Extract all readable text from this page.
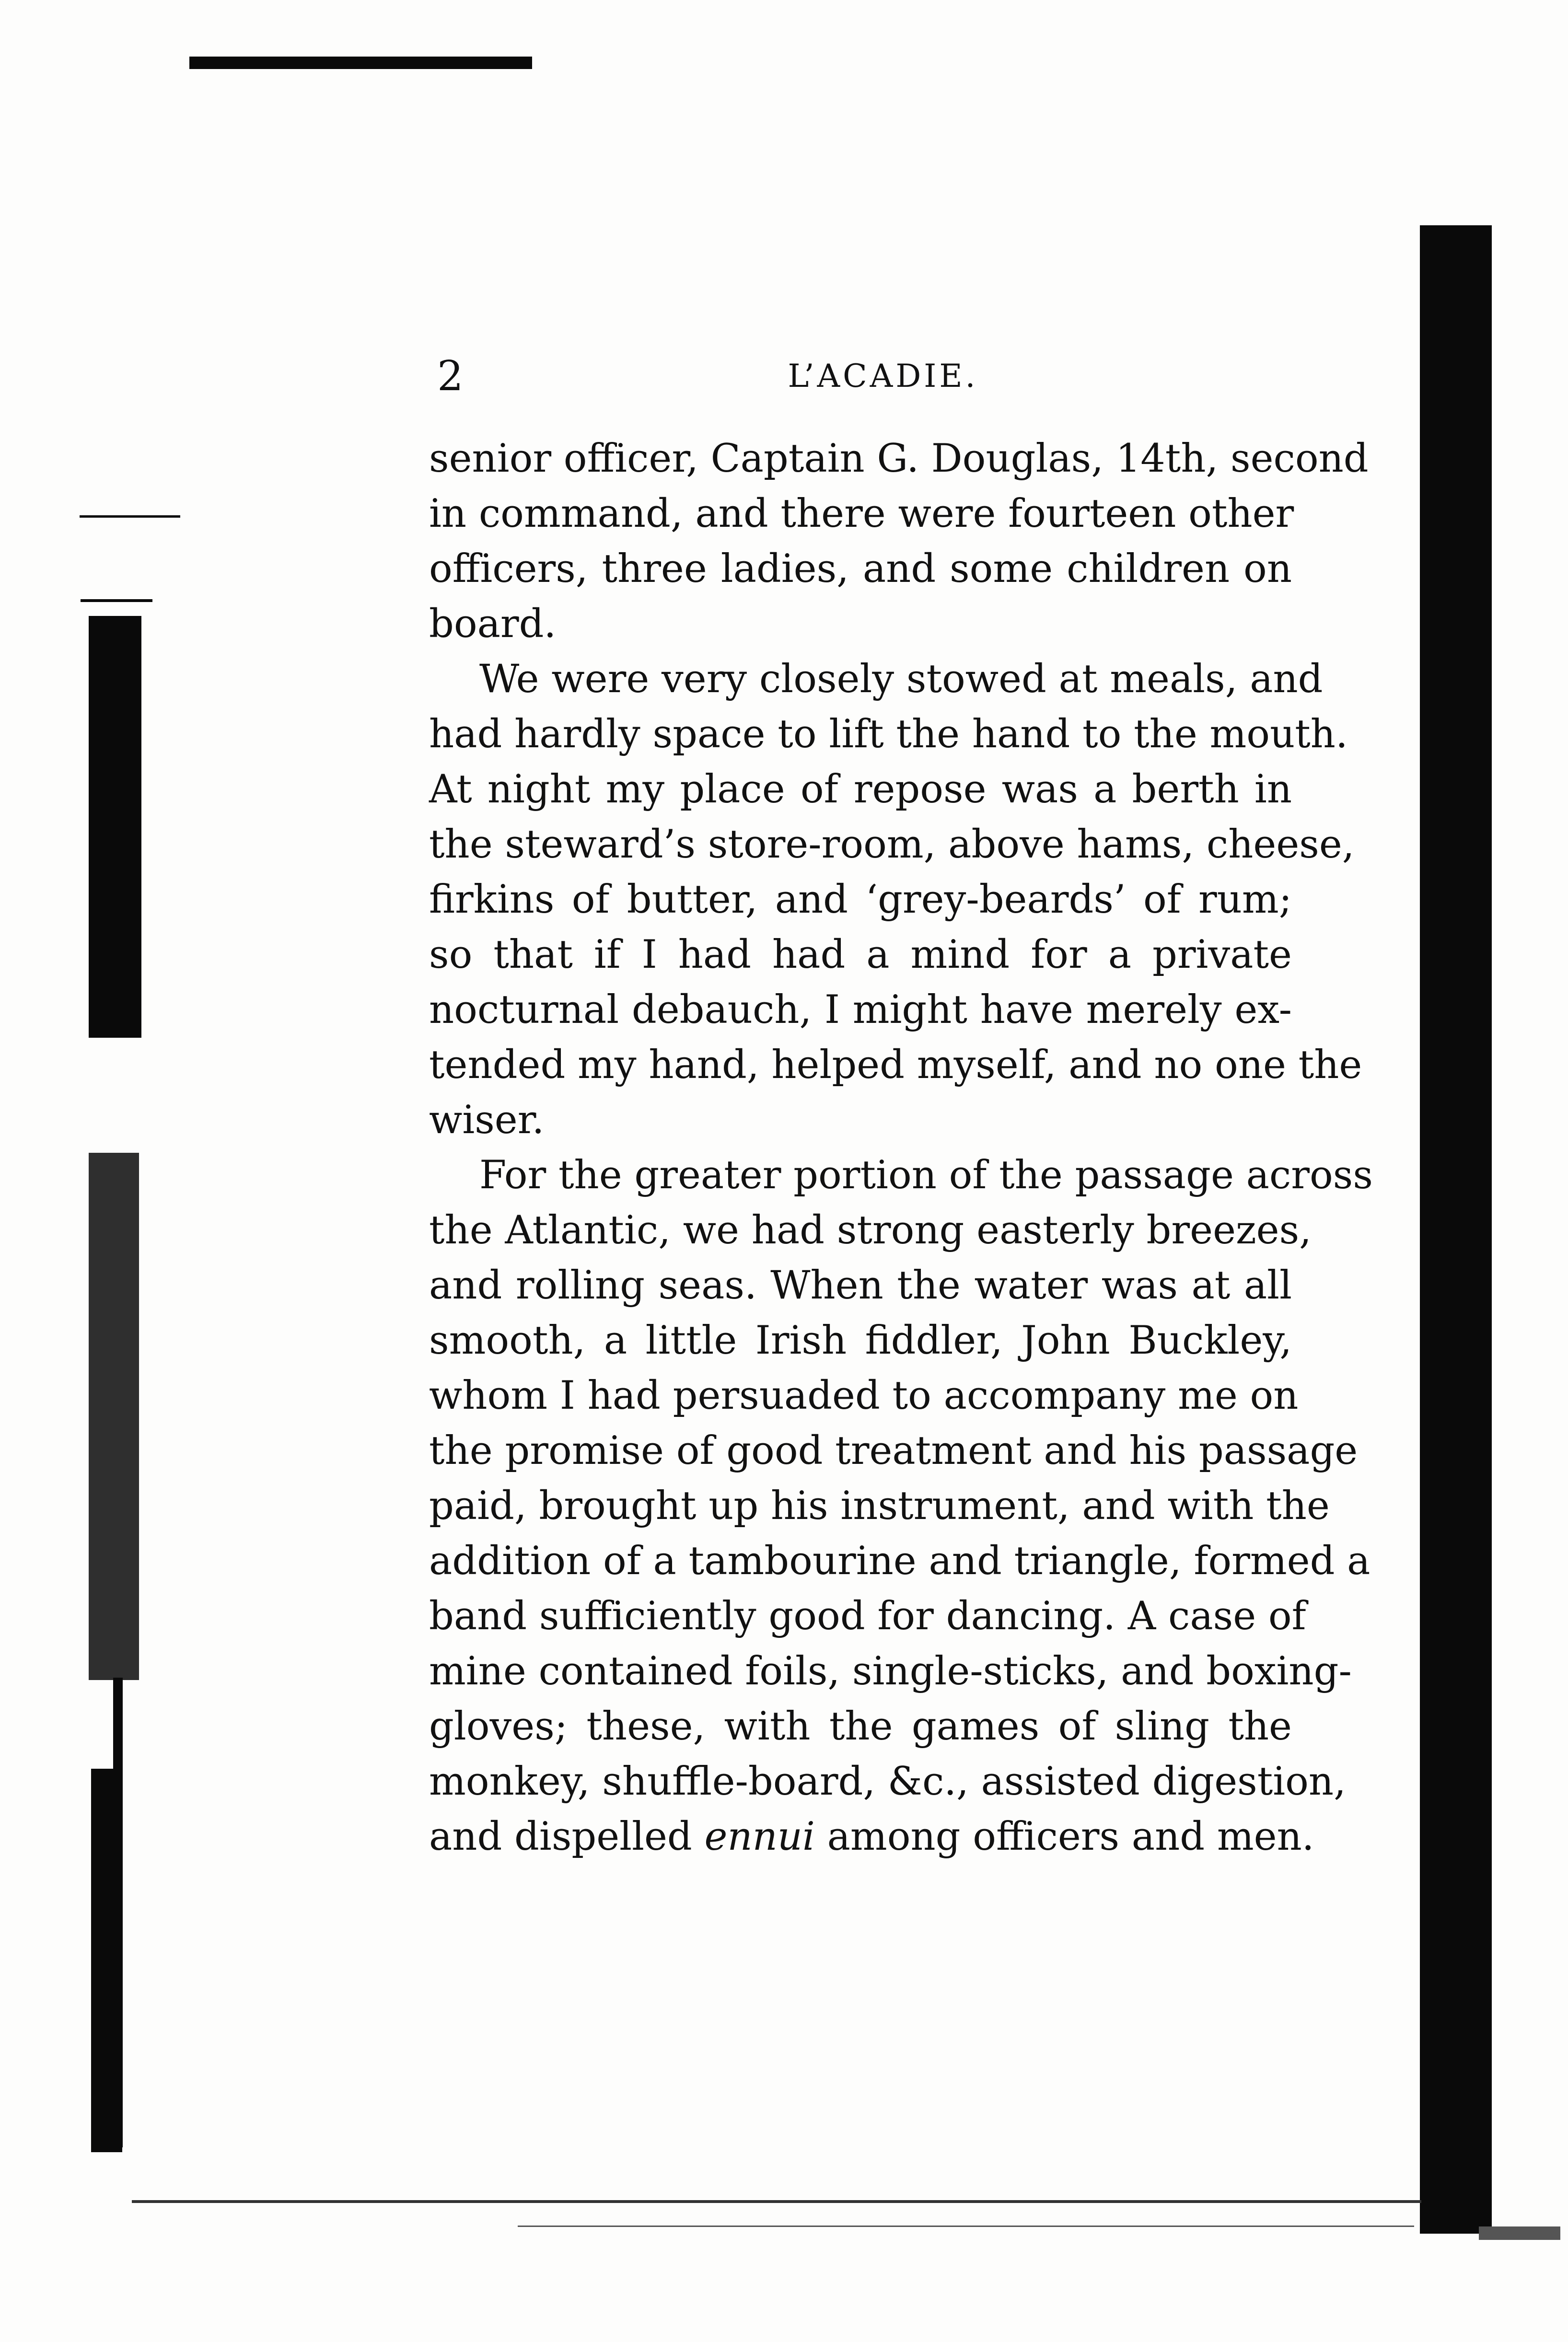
2	L’ACADIE.
senior officer, Captain G. Douglas, 14th, second
in command, and there were fourteen other
officers, three ladies, and some children on
board.
We were very closely stowed at meals, and
had hardly space to lift the hand to the mouth.
At night my place of repose was a berth in
the steward’s store-room, above hams, cheese,
firkins of butter, and ‘grey-beards’ of rum;
so that if I had had a mind for a private
nocturnal debauch, I might have merely ex-
tended my hand, helped myself, and no one the
wiser.
For the greater portion of the passage across
the Atlantic, we had strong easterly breezes,
and rolling seas. When the water was at all
smooth, a little Irish fiddler, John Buckley,
whom I had persuaded to accompany me on
the promise of good treatment and his passage
paid, brought up his instrument, and with the
addition of a tambourine and triangle, formed a
band sufficiently good for dancing. A case of
mine contained foils, single-sticks, and boxing-
gloves; these, with the games of sling the
monkey, shuffle-board, &c., assisted digestion,
and dispelled ennui among officers and men.
